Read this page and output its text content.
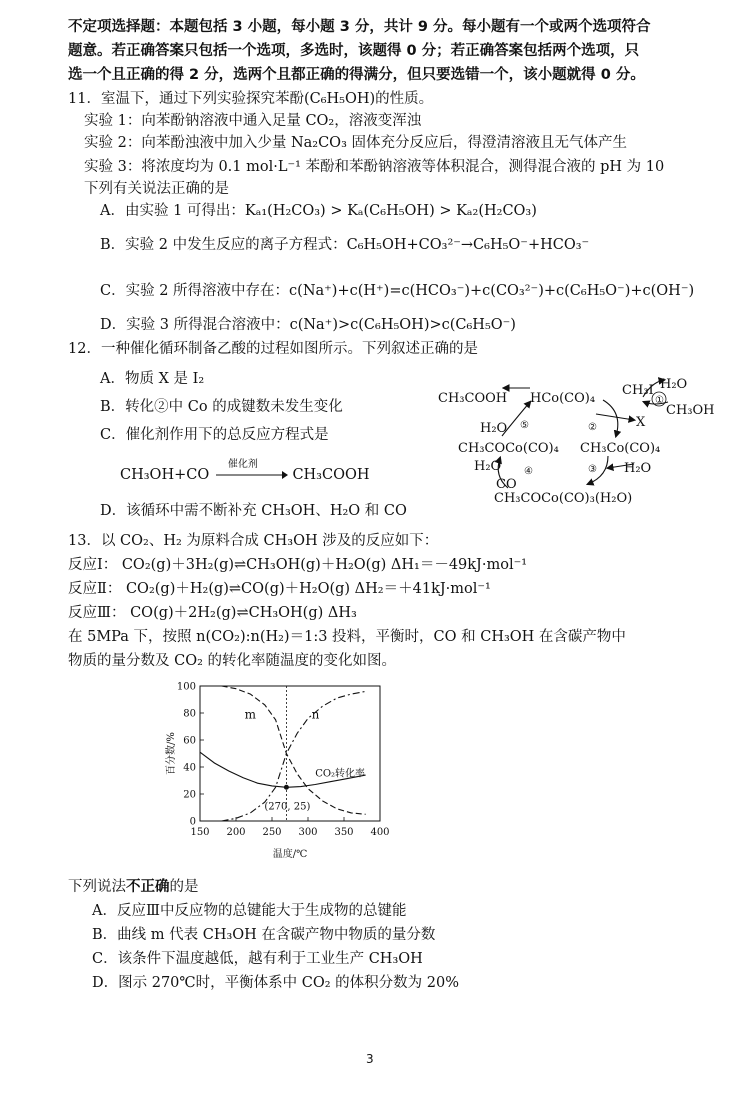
不定项选择题：本题包括 3 小题，每小题 3 分，共计 9 分。每小题有一个或两个选项符合
题意。若正确答案只包括一个选项，多选时，该题得 0 分；若正确答案包括两个选项，只
选一个且正确的得 2 分，选两个且都正确的得满分，但只要选错一个，该小题就得 0 分。
11．室温下，通过下列实验探究苯酚(C₆H₅OH)的性质。
实验 1：向苯酚钠溶液中通入足量 CO₂，溶液变浑浊
实验 2：向苯酚浊液中加入少量 Na₂CO₃ 固体充分反应后，得澄清溶液且无气体产生
实验 3：将浓度均为 0.1 mol·L⁻¹ 苯酚和苯酚钠溶液等体积混合，测得混合液的 pH 为 10
下列有关说法正确的是
A．由实验 1 可得出：Kₐ₁(H₂CO₃) > Kₐ(C₆H₅OH) > Kₐ₂(H₂CO₃)
B．实验 2 中发生反应的离子方程式：C₆H₅OH+CO₃²⁻→C₆H₅O⁻+HCO₃⁻
C．实验 2 所得溶液中存在：c(Na⁺)+c(H⁺)=c(HCO₃⁻)+c(CO₃²⁻)+c(C₆H₅O⁻)+c(OH⁻)
D．实验 3 所得混合溶液中：c(Na⁺)>c(C₆H₅OH)>c(C₆H₅O⁻)
12．一种催化循环制备乙酸的过程如图所示。下列叙述正确的是
A．物质 X 是 I₂
B．转化②中 Co 的成键数未发生变化
C．催化剂作用下的总反应方程式是
CH₃OH+CO
催化剂
CH₃COOH
D．该循环中需不断补充 CH₃OH、H₂O 和 CO
CH₃COOH HCo(CO)₄
CH₃I H₂O
CH₃OH
X
H₂O
CH₃COCo(CO)₄ CH₃Co(CO)₄
H₂O	H₂O
CO
CH₃COCo(CO)₃(H₂O)
①
②
③
④
⑤
13．以 CO₂、H₂ 为原料合成 CH₃OH 涉及的反应如下：
反应Ⅰ： CO₂(g)＋3H₂(g)⇌CH₃OH(g)＋H₂O(g) ΔH₁＝－49kJ·mol⁻¹
反应Ⅱ： CO₂(g)＋H₂(g)⇌CO(g)＋H₂O(g) ΔH₂＝＋41kJ·mol⁻¹
反应Ⅲ： CO(g)＋2H₂(g)⇌CH₃OH(g) ΔH₃
在 5MPa 下，按照 n(CO₂):n(H₂)＝1:3 投料，平衡时，CO 和 CH₃OH 在含碳产物中
物质的量分数及 CO₂ 的转化率随温度的变化如图。
150 200 250 300 350 400
0
20
40
60
80
100
温度/℃
百分数/%
(270, 25)
m	n
CO₂转化率
下列说法不正确的是
A．反应Ⅲ中反应物的总键能大于生成物的总键能
B．曲线 m 代表 CH₃OH 在含碳产物中物质的量分数
C．该条件下温度越低，越有利于工业生产 CH₃OH
D．图示 270℃时，平衡体系中 CO₂ 的体积分数为 20%
3
